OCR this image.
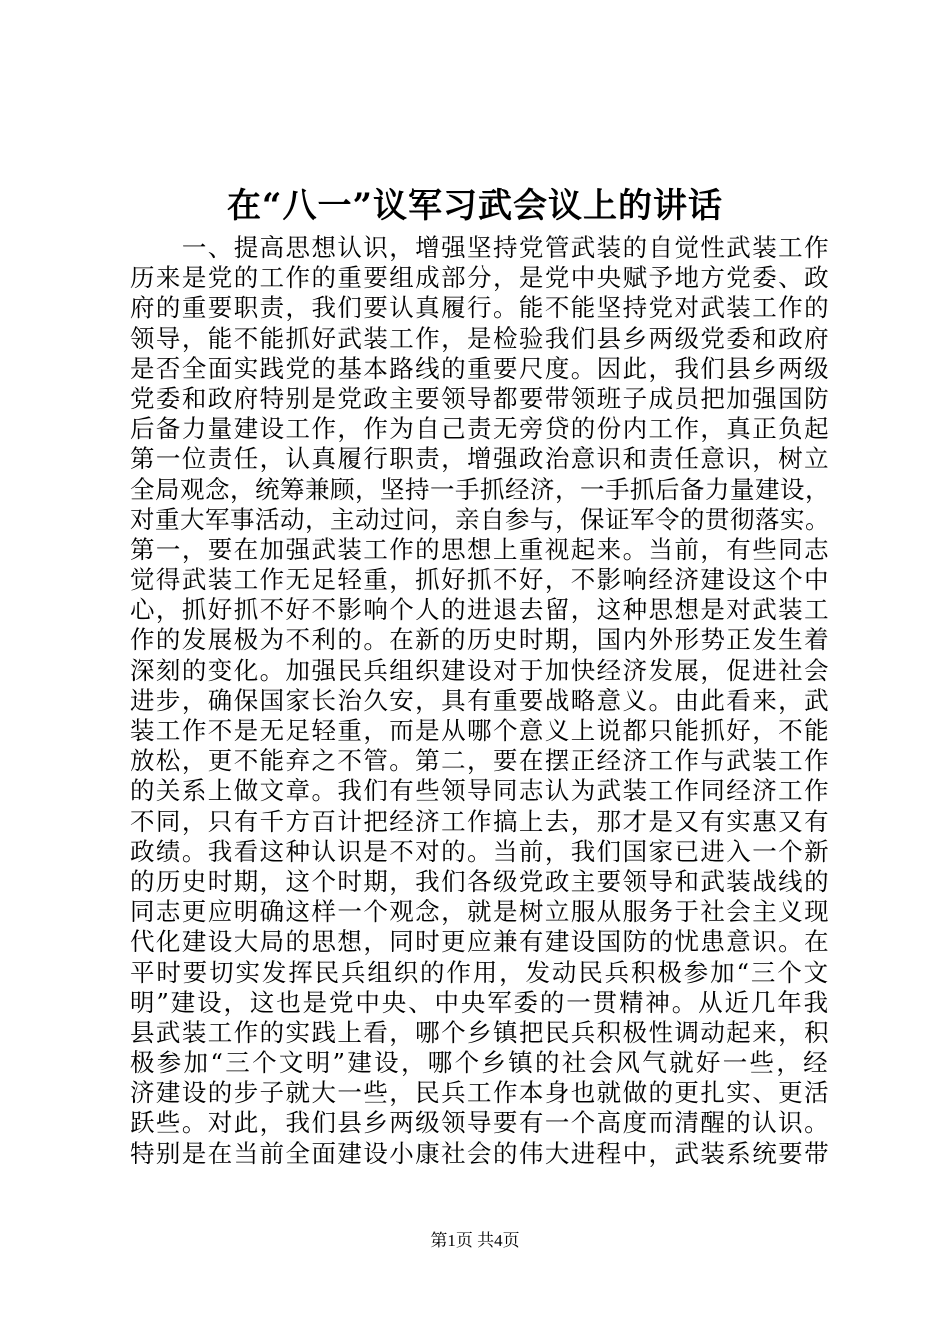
在“八一”议军习武会议上的讲话
　　一、提高思想认识，增强坚持党管武装的自觉性武装工作
历来是党的工作的重要组成部分，是党中央赋予地方党委、政
府的重要职责，我们要认真履行。能不能坚持党对武装工作的
领导，能不能抓好武装工作，是检验我们县乡两级党委和政府
是否全面实践党的基本路线的重要尺度。因此，我们县乡两级
党委和政府特别是党政主要领导都要带领班子成员把加强国防
后备力量建设工作，作为自己责无旁贷的份内工作，真正负起
第一位责任，认真履行职责，增强政治意识和责任意识，树立
全局观念，统筹兼顾，坚持一手抓经济，一手抓后备力量建设，
对重大军事活动，主动过问，亲自参与，保证军令的贯彻落实。
第一，要在加强武装工作的思想上重视起来。当前，有些同志
觉得武装工作无足轻重，抓好抓不好，不影响经济建设这个中
心，抓好抓不好不影响个人的进退去留，这种思想是对武装工
作的发展极为不利的。在新的历史时期，国内外形势正发生着
深刻的变化。加强民兵组织建设对于加快经济发展，促进社会
进步，确保国家长治久安，具有重要战略意义。由此看来，武
装工作不是无足轻重，而是从哪个意义上说都只能抓好，不能
放松，更不能弃之不管。第二，要在摆正经济工作与武装工作
的关系上做文章。我们有些领导同志认为武装工作同经济工作
不同，只有千方百计把经济工作搞上去，那才是又有实惠又有
政绩。我看这种认识是不对的。当前，我们国家已进入一个新
的历史时期，这个时期，我们各级党政主要领导和武装战线的
同志更应明确这样一个观念，就是树立服从服务于社会主义现
代化建设大局的思想，同时更应兼有建设国防的忧患意识。在
平时要切实发挥民兵组织的作用，发动民兵积极参加“三个文
明”建设，这也是党中央、中央军委的一贯精神。从近几年我
县武装工作的实践上看，哪个乡镇把民兵积极性调动起来，积
极参加“三个文明”建设，哪个乡镇的社会风气就好一些，经
济建设的步子就大一些，民兵工作本身也就做的更扎实、更活
跃些。对此，我们县乡两级领导要有一个高度而清醒的认识。
特别是在当前全面建设小康社会的伟大进程中，武装系统要带
第1页 共4页
